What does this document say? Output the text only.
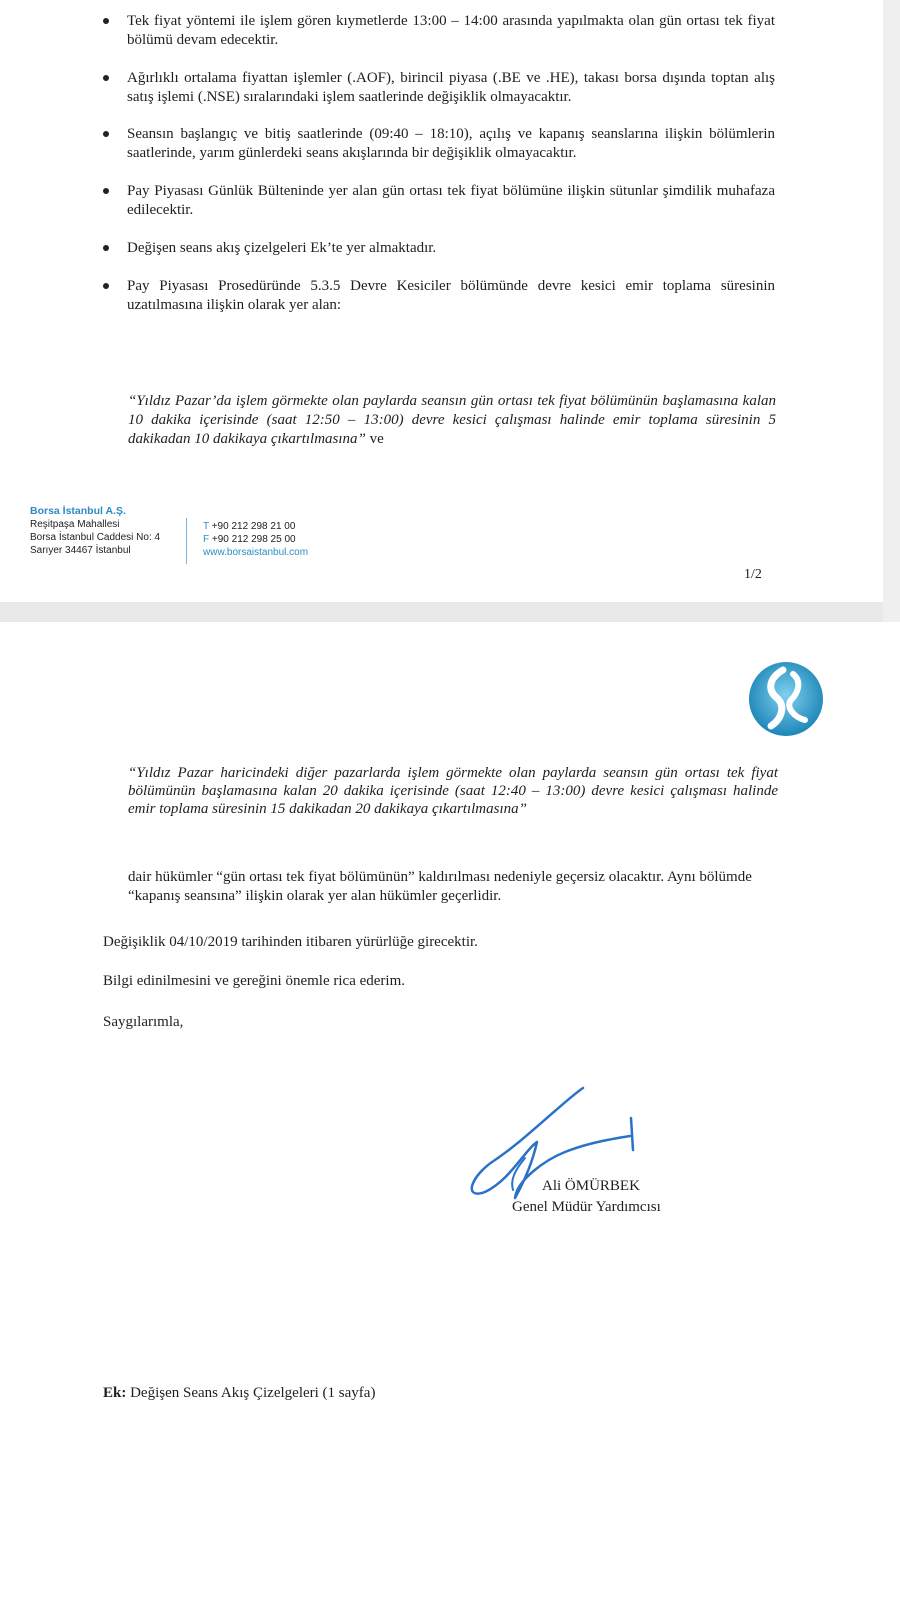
Tek fiyat yöntemi ile işlem gören kıymetlerde 13:00 – 14:00 arasında yapılmakta olan gün ortası tek fiyat bölümü devam edecektir.
Ağırlıklı ortalama fiyattan işlemler (.AOF), birincil piyasa (.BE ve .HE), takası borsa dışında toptan alış satış işlemi (.NSE) sıralarındaki işlem saatlerinde değişiklik olmayacaktır.
Seansın başlangıç ve bitiş saatlerinde (09:40 – 18:10), açılış ve kapanış seanslarına ilişkin bölümlerin saatlerinde, yarım günlerdeki seans akışlarında bir değişiklik olmayacaktır.
Pay Piyasası Günlük Bülteninde yer alan gün ortası tek fiyat bölümüne ilişkin sütunlar şimdilik muhafaza edilecektir.
Değişen seans akış çizelgeleri Ek’te yer almaktadır.
Pay Piyasası Prosedüründe 5.3.5 Devre Kesiciler bölümünde devre kesici emir toplama süresinin uzatılmasına ilişkin olarak yer alan:
“Yıldız Pazar’da işlem görmekte olan paylarda seansın gün ortası tek fiyat bölümünün başlamasına kalan 10 dakika içerisinde (saat 12:50 – 13:00) devre kesici çalışması halinde emir toplama süresinin 5 dakikadan 10 dakikaya çıkartılmasına” ve
Borsa İstanbul A.Ş.
Reşitpaşa Mahallesi
Borsa İstanbul Caddesi No: 4
Sarıyer 34467 İstanbul
T +90 212 298 21 00
F +90 212 298 25 00
www.borsaistanbul.com
1/2
“Yıldız Pazar haricindeki diğer pazarlarda işlem görmekte olan paylarda seansın gün ortası tek fiyat bölümünün başlamasına kalan 20 dakika içerisinde (saat 12:40 – 13:00) devre kesici çalışması halinde emir toplama süresinin 15 dakikadan 20 dakikaya çıkartılmasına”
dair hükümler “gün ortası tek fiyat bölümünün” kaldırılması nedeniyle geçersiz olacaktır. Aynı bölümde “kapanış seansına” ilişkin olarak yer alan hükümler geçerlidir.
Değişiklik 04/10/2019 tarihinden itibaren yürürlüğe girecektir.
Bilgi edinilmesini ve gereğini önemle rica ederim.
Saygılarımla,
Ali ÖMÜRBEK
Genel Müdür Yardımcısı
Ek: Değişen Seans Akış Çizelgeleri (1 sayfa)
